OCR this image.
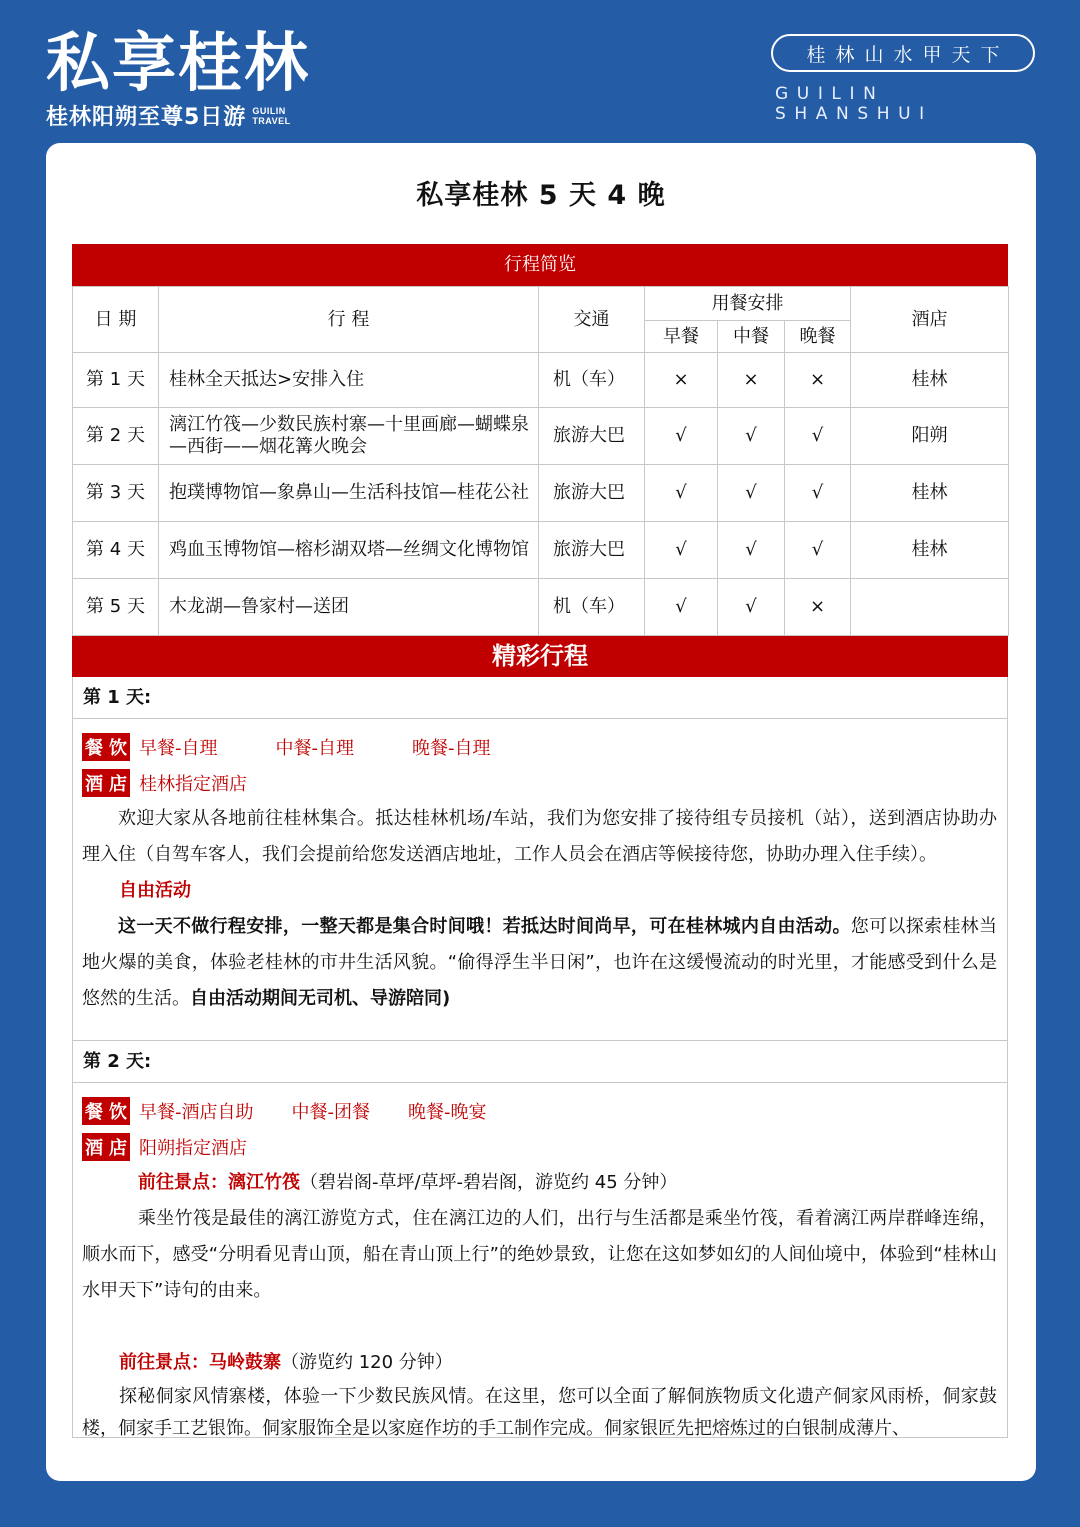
私享桂林
桂林阳朔至尊5日游 GUILIN
TRAVEL
桂林山水甲天下
GUILIN SHANSHUI
私享桂林 5 天 4 晚
行程简览
日 期	行 程	交通	用餐安排			酒店
			早餐	中餐	晚餐	
第 1 天	桂林全天抵达>安排入住	机（车）	×	×	×	桂林
第 2 天	漓江竹筏—少数民族村寨—十里画廊—蝴蝶泉—西街——烟花篝火晚会	旅游大巴	√	√	√	阳朔
第 3 天	抱璞博物馆—象鼻山—生活科技馆—桂花公社	旅游大巴	√	√	√	桂林
第 4 天	鸡血玉博物馆—榕杉湖双塔—丝绸文化博物馆	旅游大巴	√	√	√	桂林
第 5 天	木龙湖—鲁家村—送团	机（车）	√	√	×	
精彩行程
第 1 天:
餐 饮 早餐-自理	中餐-自理	晚餐-自理
酒 店 桂林指定酒店

欢迎大家从各地前往桂林集合。抵达桂林机场/车站，我们为您安排了接待组专员接机（站），送到酒店协助办理入住（自驾车客人，我们会提前给您发送酒店地址，工作人员会在酒店等候接待您，协助办理入住手续）。

自由活动

这一天不做行程安排，一整天都是集合时间哦！若抵达时间尚早，可在桂林城内自由活动。您可以探索桂林当地火爆的美食，体验老桂林的市井生活风貌。“偷得浮生半日闲”，也许在这缓慢流动的时光里，才能感受到什么是悠然的生活。自由活动期间无司机、导游陪同)

第 2 天:
餐 饮 早餐-酒店自助 中餐-团餐 晚餐-晚宴
酒 店 阳朔指定酒店
前往景点：漓江竹筏（碧岩阁-草坪/草坪-碧岩阁，游览约 45 分钟）

乘坐竹筏是最佳的漓江游览方式，住在漓江边的人们，出行与生活都是乘坐竹筏，看着漓江两岸群峰连绵，顺水而下，感受“分明看见青山顶，船在青山顶上行”的绝妙景致，让您在这如梦如幻的人间仙境中，体验到“桂林山水甲天下”诗句的由来。

前往景点：马岭鼓寨（游览约 120 分钟）

探秘侗家风情寨楼，体验一下少数民族风情。在这里，您可以全面了解侗族物质文化遗产侗家风雨桥，侗家鼓楼，侗家手工艺银饰。侗家服饰全是以家庭作坊的手工制作完成。侗家银匠先把熔炼过的白银制成薄片、
